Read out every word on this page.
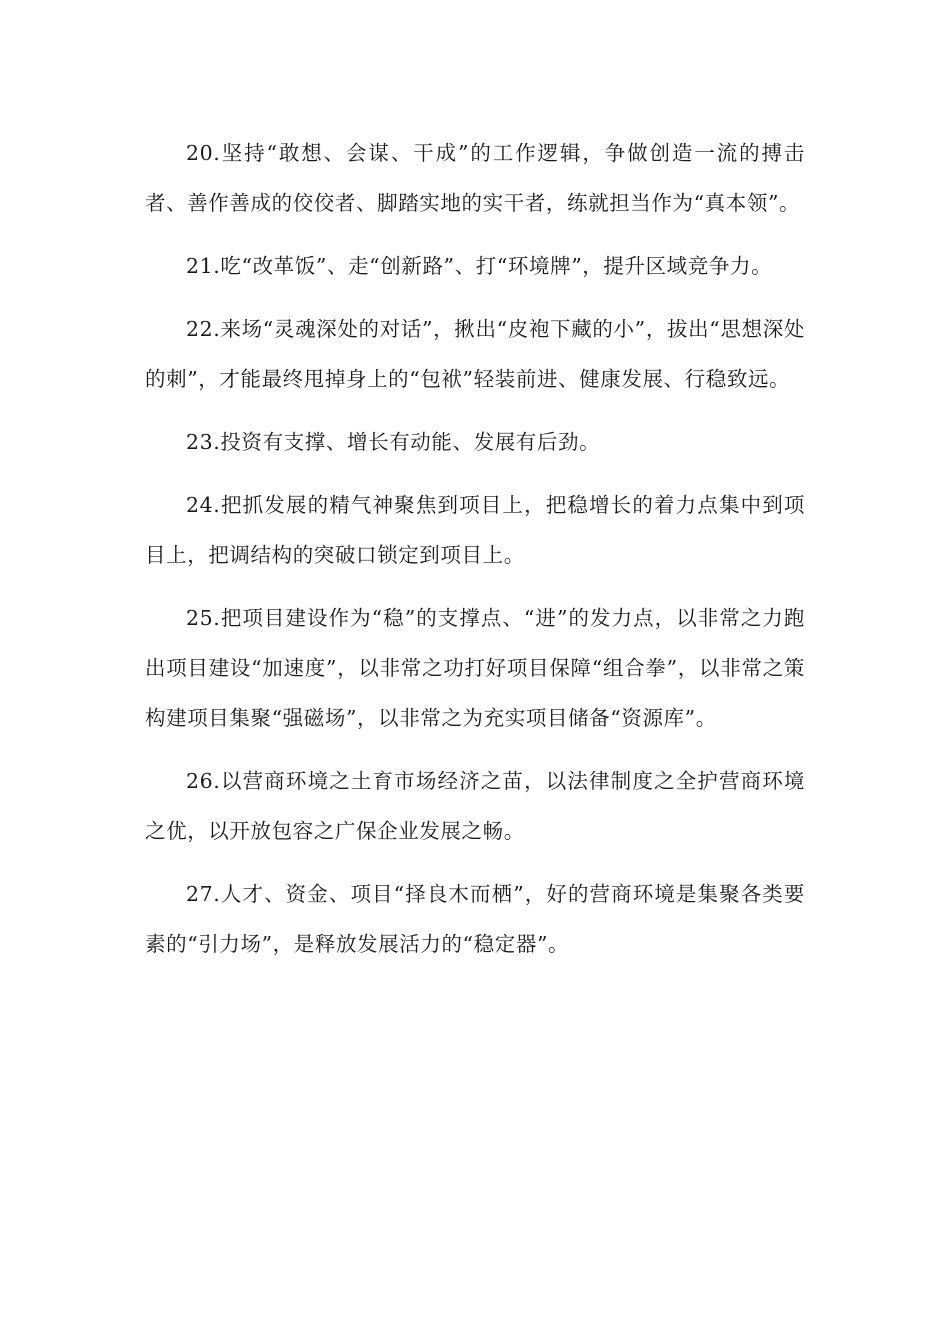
20.坚持“敢想、会谋、干成”的工作逻辑，争做创造一流的搏击者、善作善成的佼佼者、脚踏实地的实干者，练就担当作为“真本领”。

21.吃“改革饭”、走“创新路”、打“环境牌”，提升区域竞争力。

22.来场“灵魂深处的对话”，揪出“皮袍下藏的小”，拔出“思想深处的刺”，才能最终甩掉身上的“包袱”轻装前进、健康发展、行稳致远。

23.投资有支撑、增长有动能、发展有后劲。

24.把抓发展的精气神聚焦到项目上，把稳增长的着力点集中到项目上，把调结构的突破口锁定到项目上。

25.把项目建设作为“稳”的支撑点、“进”的发力点，以非常之力跑出项目建设“加速度”，以非常之功打好项目保障“组合拳”，以非常之策构建项目集聚“强磁场”，以非常之为充实项目储备“资源库”。

26.以营商环境之土育市场经济之苗，以法律制度之全护营商环境之优，以开放包容之广保企业发展之畅。

27.人才、资金、项目“择良木而栖”，好的营商环境是集聚各类要素的“引力场”，是释放发展活力的“稳定器”。
